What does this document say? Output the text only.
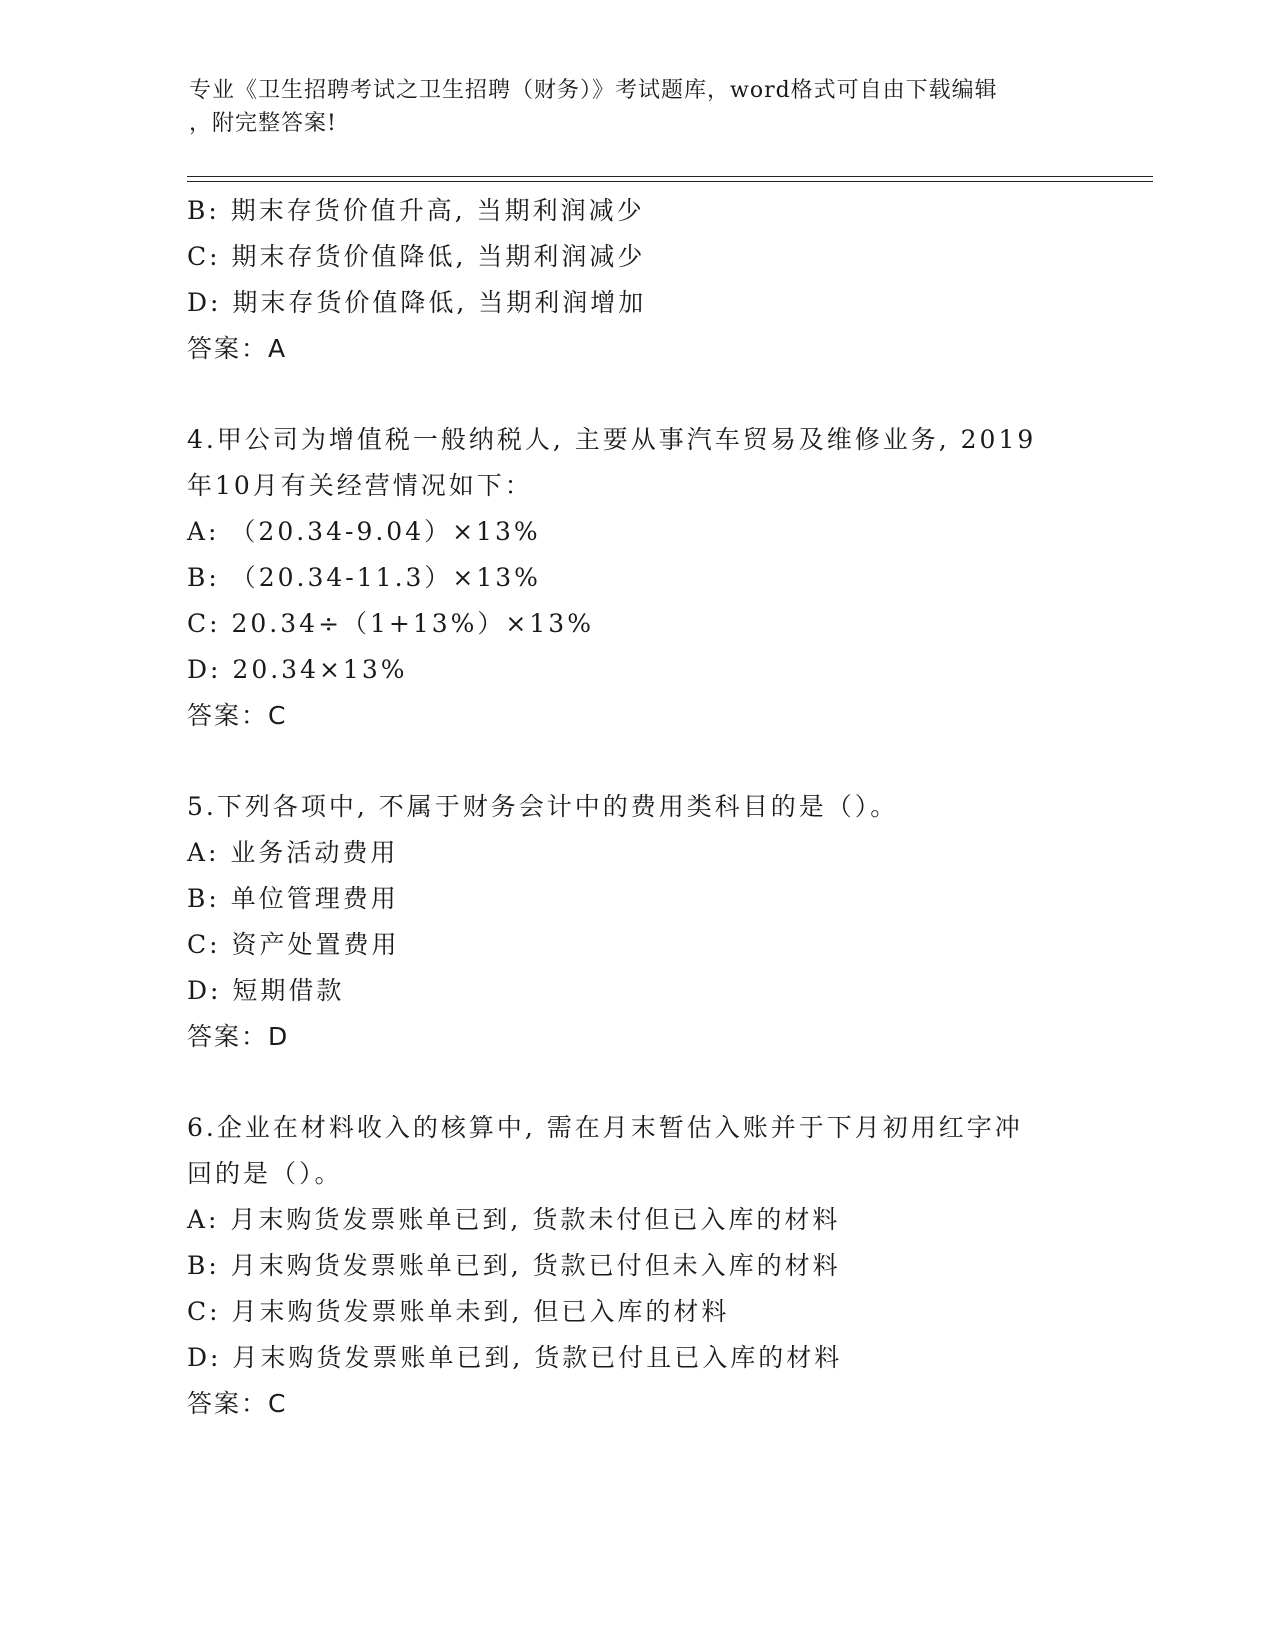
专业《卫生招聘考试之卫生招聘（财务）》考试题库，word格式可自由下载编辑
，附完整答案!
B: 期末存货价值升高, 当期利润减少
C: 期末存货价值降低, 当期利润减少
D: 期末存货价值降低, 当期利润增加
答案：A
4.甲公司为增值税一般纳税人, 主要从事汽车贸易及维修业务, 2019
年10月有关经营情况如下：
A: （20.34-9.04）×13%
B: （20.34-11.3）×13%
C: 20.34÷（1+13%）×13%
D: 20.34×13%
答案：C
5.下列各项中, 不属于财务会计中的费用类科目的是（）。
A: 业务活动费用
B: 单位管理费用
C: 资产处置费用
D: 短期借款
答案：D
6.企业在材料收入的核算中, 需在月末暂估入账并于下月初用红字冲
回的是（）。
A: 月末购货发票账单已到, 货款未付但已入库的材料
B: 月末购货发票账单已到, 货款已付但未入库的材料
C: 月末购货发票账单未到, 但已入库的材料
D: 月末购货发票账单已到, 货款已付且已入库的材料
答案：C
